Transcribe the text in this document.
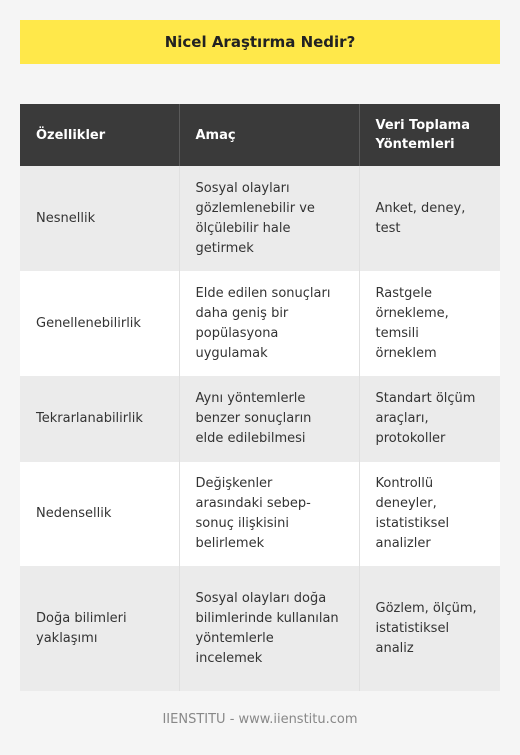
Nicel Araştırma Nedir?
Özellikler	Amaç	Veri Toplama Yöntemleri
Nesnellik	Sosyal olayları gözlemlenebilir ve ölçülebilir hale getirmek	Anket, deney, test
Genellenebilirlik	Elde edilen sonuçları daha geniş bir popülasyona uygulamak	Rastgele örnekleme, temsili örneklem
Tekrarlanabilirlik	Aynı yöntemlerle benzer sonuçların elde edilebilmesi	Standart ölçüm araçları, protokoller
Nedensellik	Değişkenler arasındaki sebep-sonuç ilişkisini belirlemek	Kontrollü deneyler, istatistiksel analizler
Doğa bilimleri yaklaşımı	Sosyal olayları doğa bilimlerinde kullanılan yöntemlerle incelemek	Gözlem, ölçüm, istatistiksel analiz
IIENSTITU - www.iienstitu.com
